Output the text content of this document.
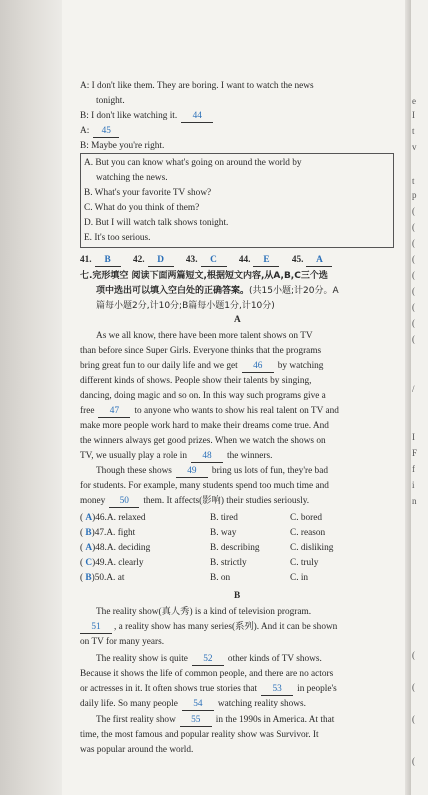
e
I
t
v
t
p
(
(
(
(
(
(
(
(
(
/
I
F
f
i
n
(
(
(
(
A: I don't like them. They are boring. I want to watch the news
tonight.
B: I don't like watching it. 44
A: 45
B: Maybe you're right.
A. But you can know what's going on around the world by
watching the news.
B. What's your favorite TV show?
C. What do you think of them?
D. But I will watch talk shows tonight.
E. It's too serious.
41. B 42. D 43. C 44. E 45. A
七.完形填空 阅读下面两篇短文,根据短文内容,从A,B,C三个选
项中选出可以填入空白处的正确答案。(共15小题;计20分。A
篇每小题2分,计10分;B篇每小题1分,计10分)
A
As we all know, there have been more talent shows on TV
than before since Super Girls. Everyone thinks that the programs
bring great fun to our daily life and we get 46 by watching
different kinds of shows. People show their talents by singing,
dancing, doing magic and so on. In this way such programs give a
free 47 to anyone who wants to show his real talent on TV and
make more people work hard to make their dreams come true. And
the winners always get good prizes. When we watch the shows on
TV, we usually play a role in 48 the winners.
Though these shows 49 bring us lots of fun, they're bad
for students. For example, many students spend too much time and
money 50 them. It affects(影响) their studies seriously.
( A)46.A. relaxed	B. tired	C. bored
( B)47.A. fight	B. way	C. reason
( A)48.A. deciding	B. describing	C. disliking
( C)49.A. clearly	B. strictly	C. truly
( B)50.A. at	B. on	C. in
B
The reality show(真人秀) is a kind of television program.
51 , a reality show has many series(系列). And it can be shown
on TV for many years.
The reality show is quite 52 other kinds of TV shows.
Because it shows the life of common people, and there are no actors
or actresses in it. It often shows true stories that 53 in people's
daily life. So many people 54 watching reality shows.
The first reality show 55 in the 1990s in America. At that
time, the most famous and popular reality show was Survivor. It
was popular around the world.
